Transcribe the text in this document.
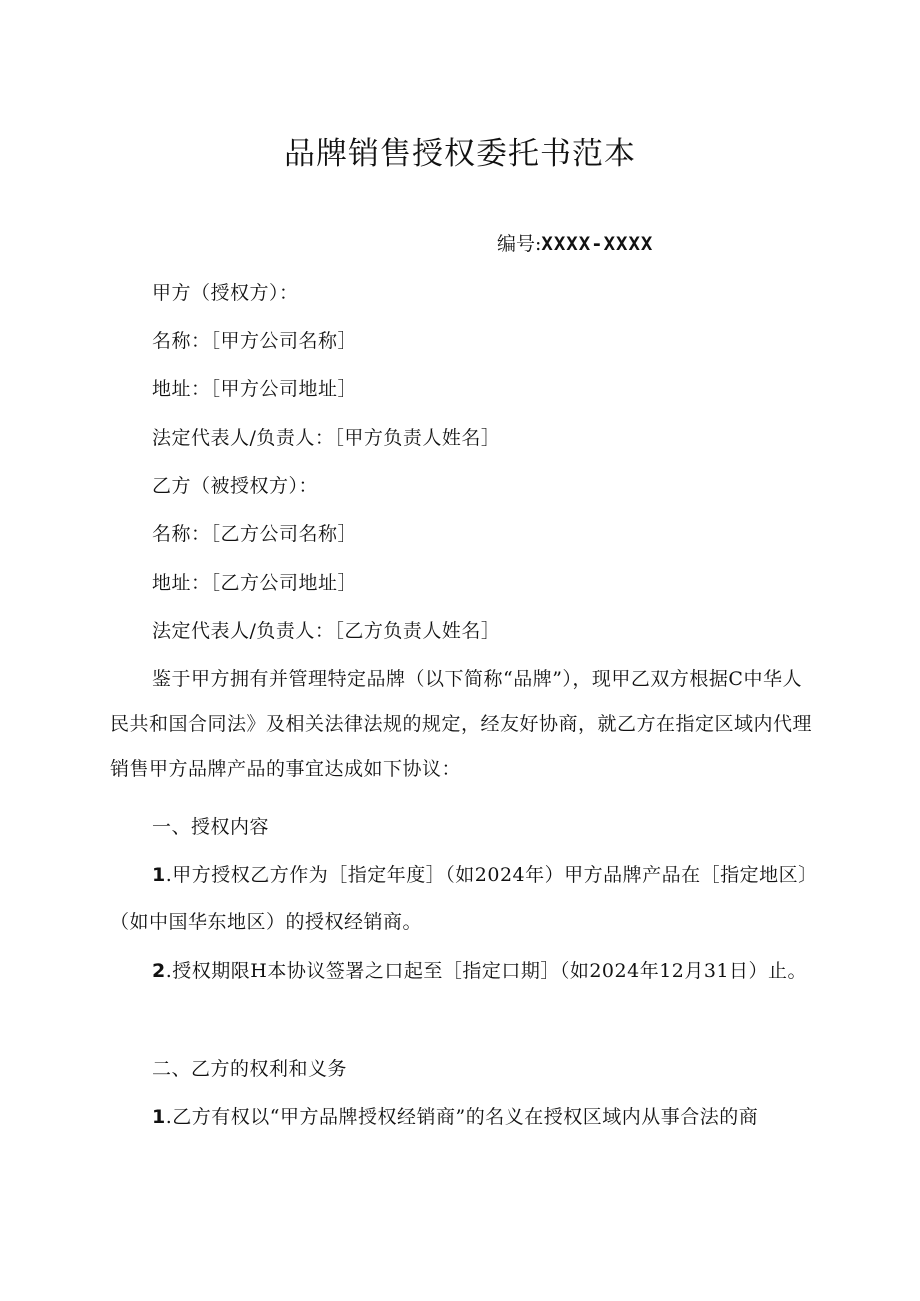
品牌销售授权委托书范本
编号:XXXX-XXXX
甲方（授权方）：
名称：［甲方公司名称］
地址：［甲方公司地址］
法定代表人/负责人：［甲方负责人姓名］
乙方（被授权方）：
名称：［乙方公司名称］
地址：［乙方公司地址］
法定代表人/负责人：［乙方负责人姓名］
鉴于甲方拥有并管理特定品牌（以下简称“品牌”），现甲乙双方根据C中华人民共和国合同法》及相关法律法规的规定，经友好协商，就乙方在指定区域内代理销售甲方品牌产品的事宜达成如下协议：
一、授权内容
1.甲方授权乙方作为［指定年度］（如2024年）甲方品牌产品在［指定地区〕（如中国华东地区）的授权经销商。
2.授权期限H本协议签署之口起至［指定口期］（如2024年12月31日）止。
二、乙方的权利和义务
1.乙方有权以“甲方品牌授权经销商”的名义在授权区域内从事合法的商
